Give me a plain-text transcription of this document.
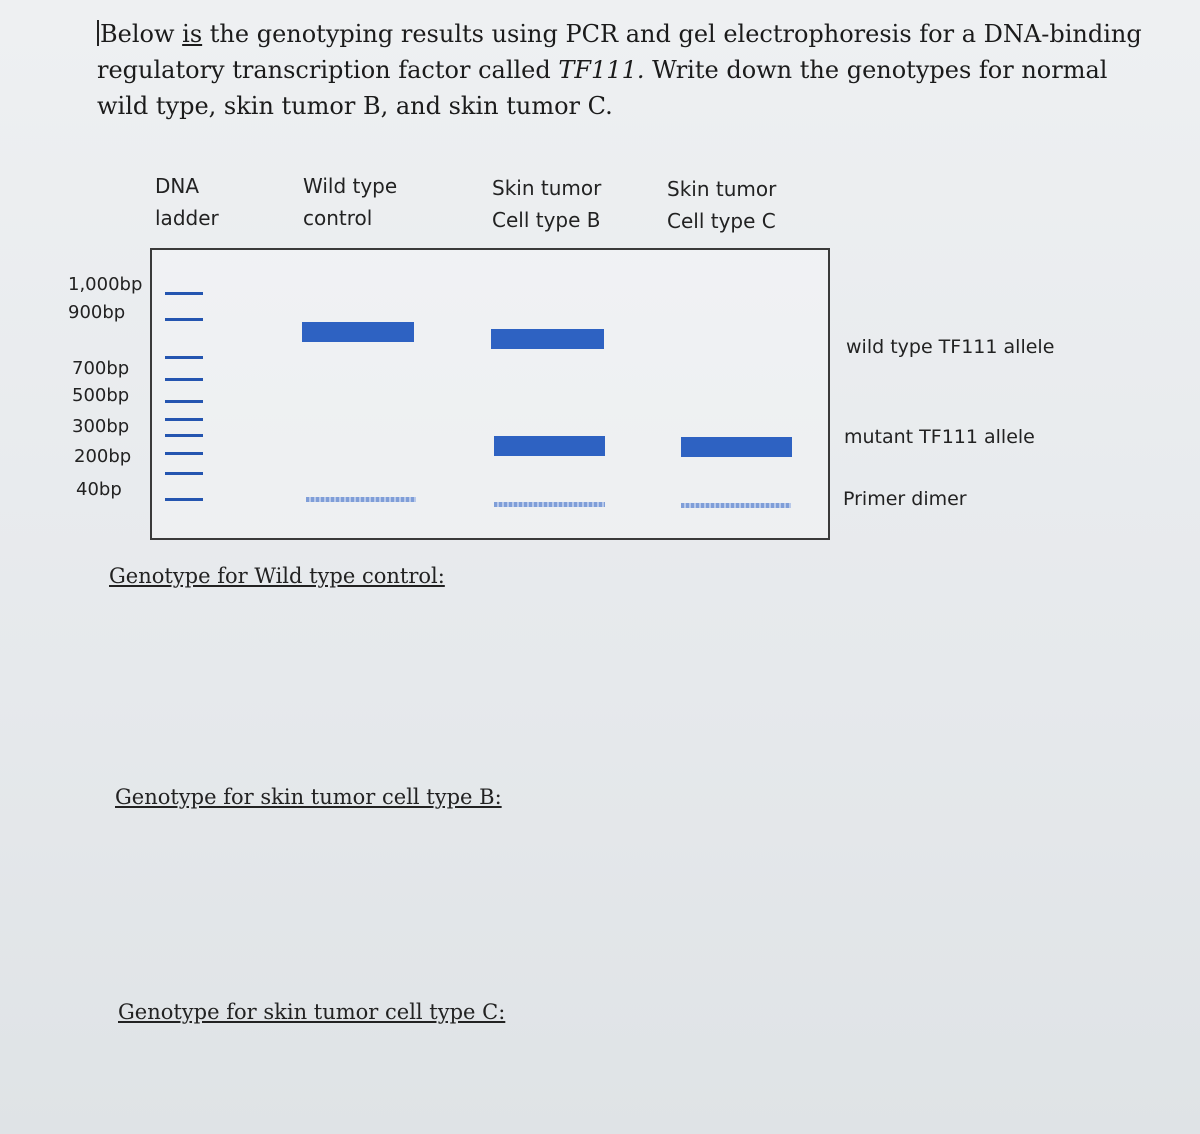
Below is the genotyping results using PCR and gel electrophoresis for a DNA-binding regulatory transcription factor called TF111. Write down the genotypes for normal wild type, skin tumor B, and skin tumor C.

DNA
ladder
Wild type
control
Skin tumor
Cell type B
Skin tumor
Cell type C
1,000bp
900bp
700bp
500bp
300bp
200bp
40bp
wild type TF111 allele
mutant TF111 allele
Primer dimer
Genotype for Wild type control:
Genotype for skin tumor cell type B:
Genotype for skin tumor cell type C:
